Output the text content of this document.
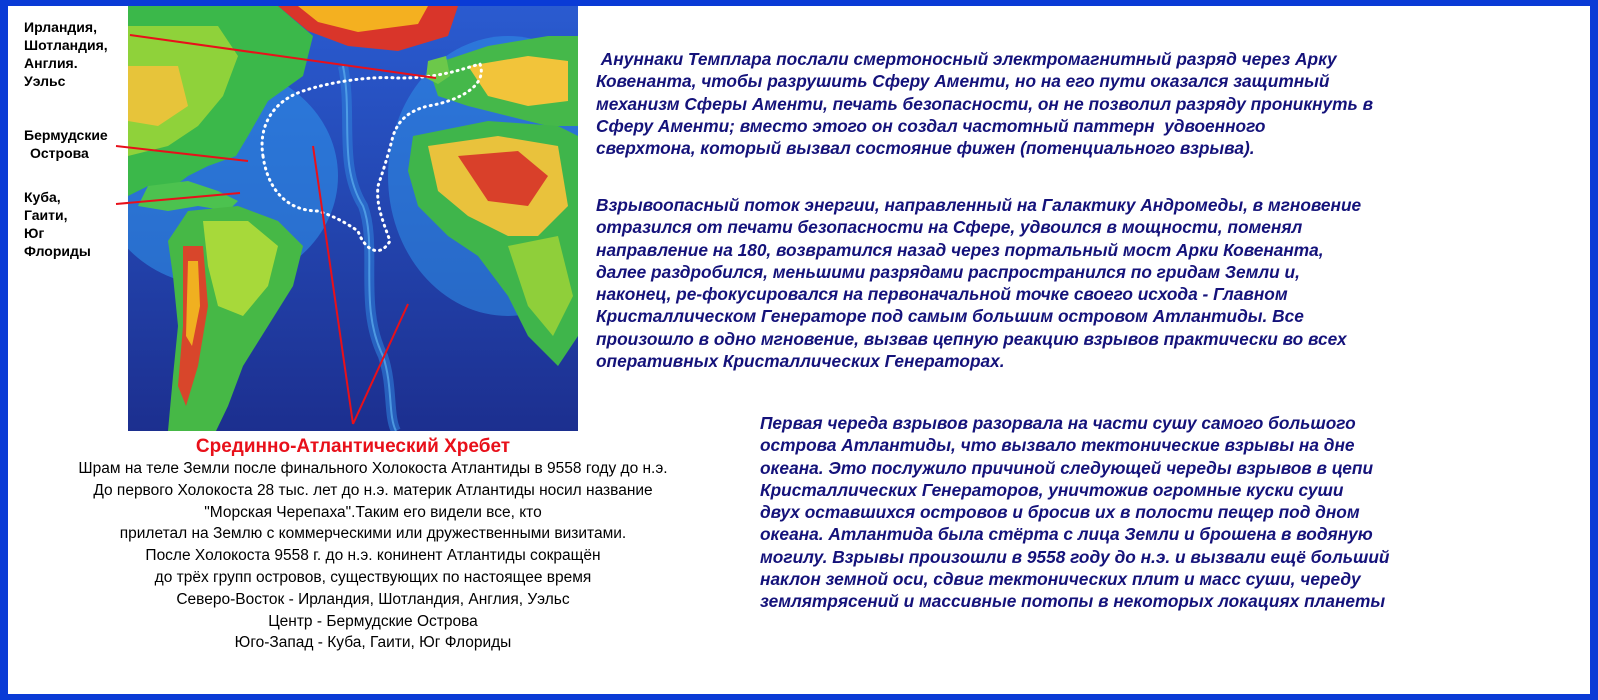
Ирландия,
Шотландия,
Англия.
Уэльс
Бермудские
Острова
Куба, Гаити,
Юг Флориды
Срединно-Атлантический Хребет
Шрам на теле Земли после финального Холокоста Атлантиды в 9558 году до н.э.
До первого Холокоста 28 тыс. лет до н.э. материк Атлантиды носил название
"Морская Черепаха".Таким его видели все, кто
прилетал на Землю с коммерческими или дружественными визитами.
После Холокоста 9558 г. до н.э. конинент Атлантиды сокращён
до трёх групп островов, существующих по настоящее время
Северо-Восток - Ирландия, Шотландия, Англия, Уэльс
Центр - Бермудские Острова
Юго-Запад - Куба, Гаити, Юг Флориды
Ануннаки Темплара послали смертоносный электромагнитный разряд через Арку
Ковенанта, чтобы разрушить Сферу Аменти, но на его пути оказался защитный
механизм Сферы Аменти, печать безопасности, он не позволил разряду проникнуть в
Сферу Аменти; вместо этого он создал частотный паттерн  удвоенного
сверхтона, который вызвал состояние фижен (потенциального взрыва).
Взрывоопасный поток энергии, направленный на Галактику Андромеды, в мгновение
отразился от печати безопасности на Сфере, удвоился в мощности, поменял
направление на 180, возвратился назад через портальный мост Арки Ковенанта,
далее раздробился, меньшими разрядами распространился по гридам Земли и,
наконец, ре-фокусировался на первоначальной точке своего исхода - Главном
Кристаллическом Генераторе под самым большим островом Атлантиды. Все
произошло в одно мгновение, вызвав цепную реакцию взрывов практически во всех
оперативных Кристаллических Генераторах.
Первая череда взрывов разорвала на части сушу самого большого
острова Атлантиды, что вызвало тектонические взрывы на дне
океана. Это послужило причиной следующей череды взрывов в цепи
Кристаллических Генераторов, уничтожив огромные куски суши
двух оставшихся островов и бросив их в полости пещер под дном
океана. Атлантида была стёрта с лица Земли и брошена в водяную
могилу. Взрывы произошли в 9558 году до н.э. и вызвали ещё больший
наклон земной оси, сдвиг тектонических плит и масс суши, череду
землятрясений и массивные потопы в некоторых локациях планеты
